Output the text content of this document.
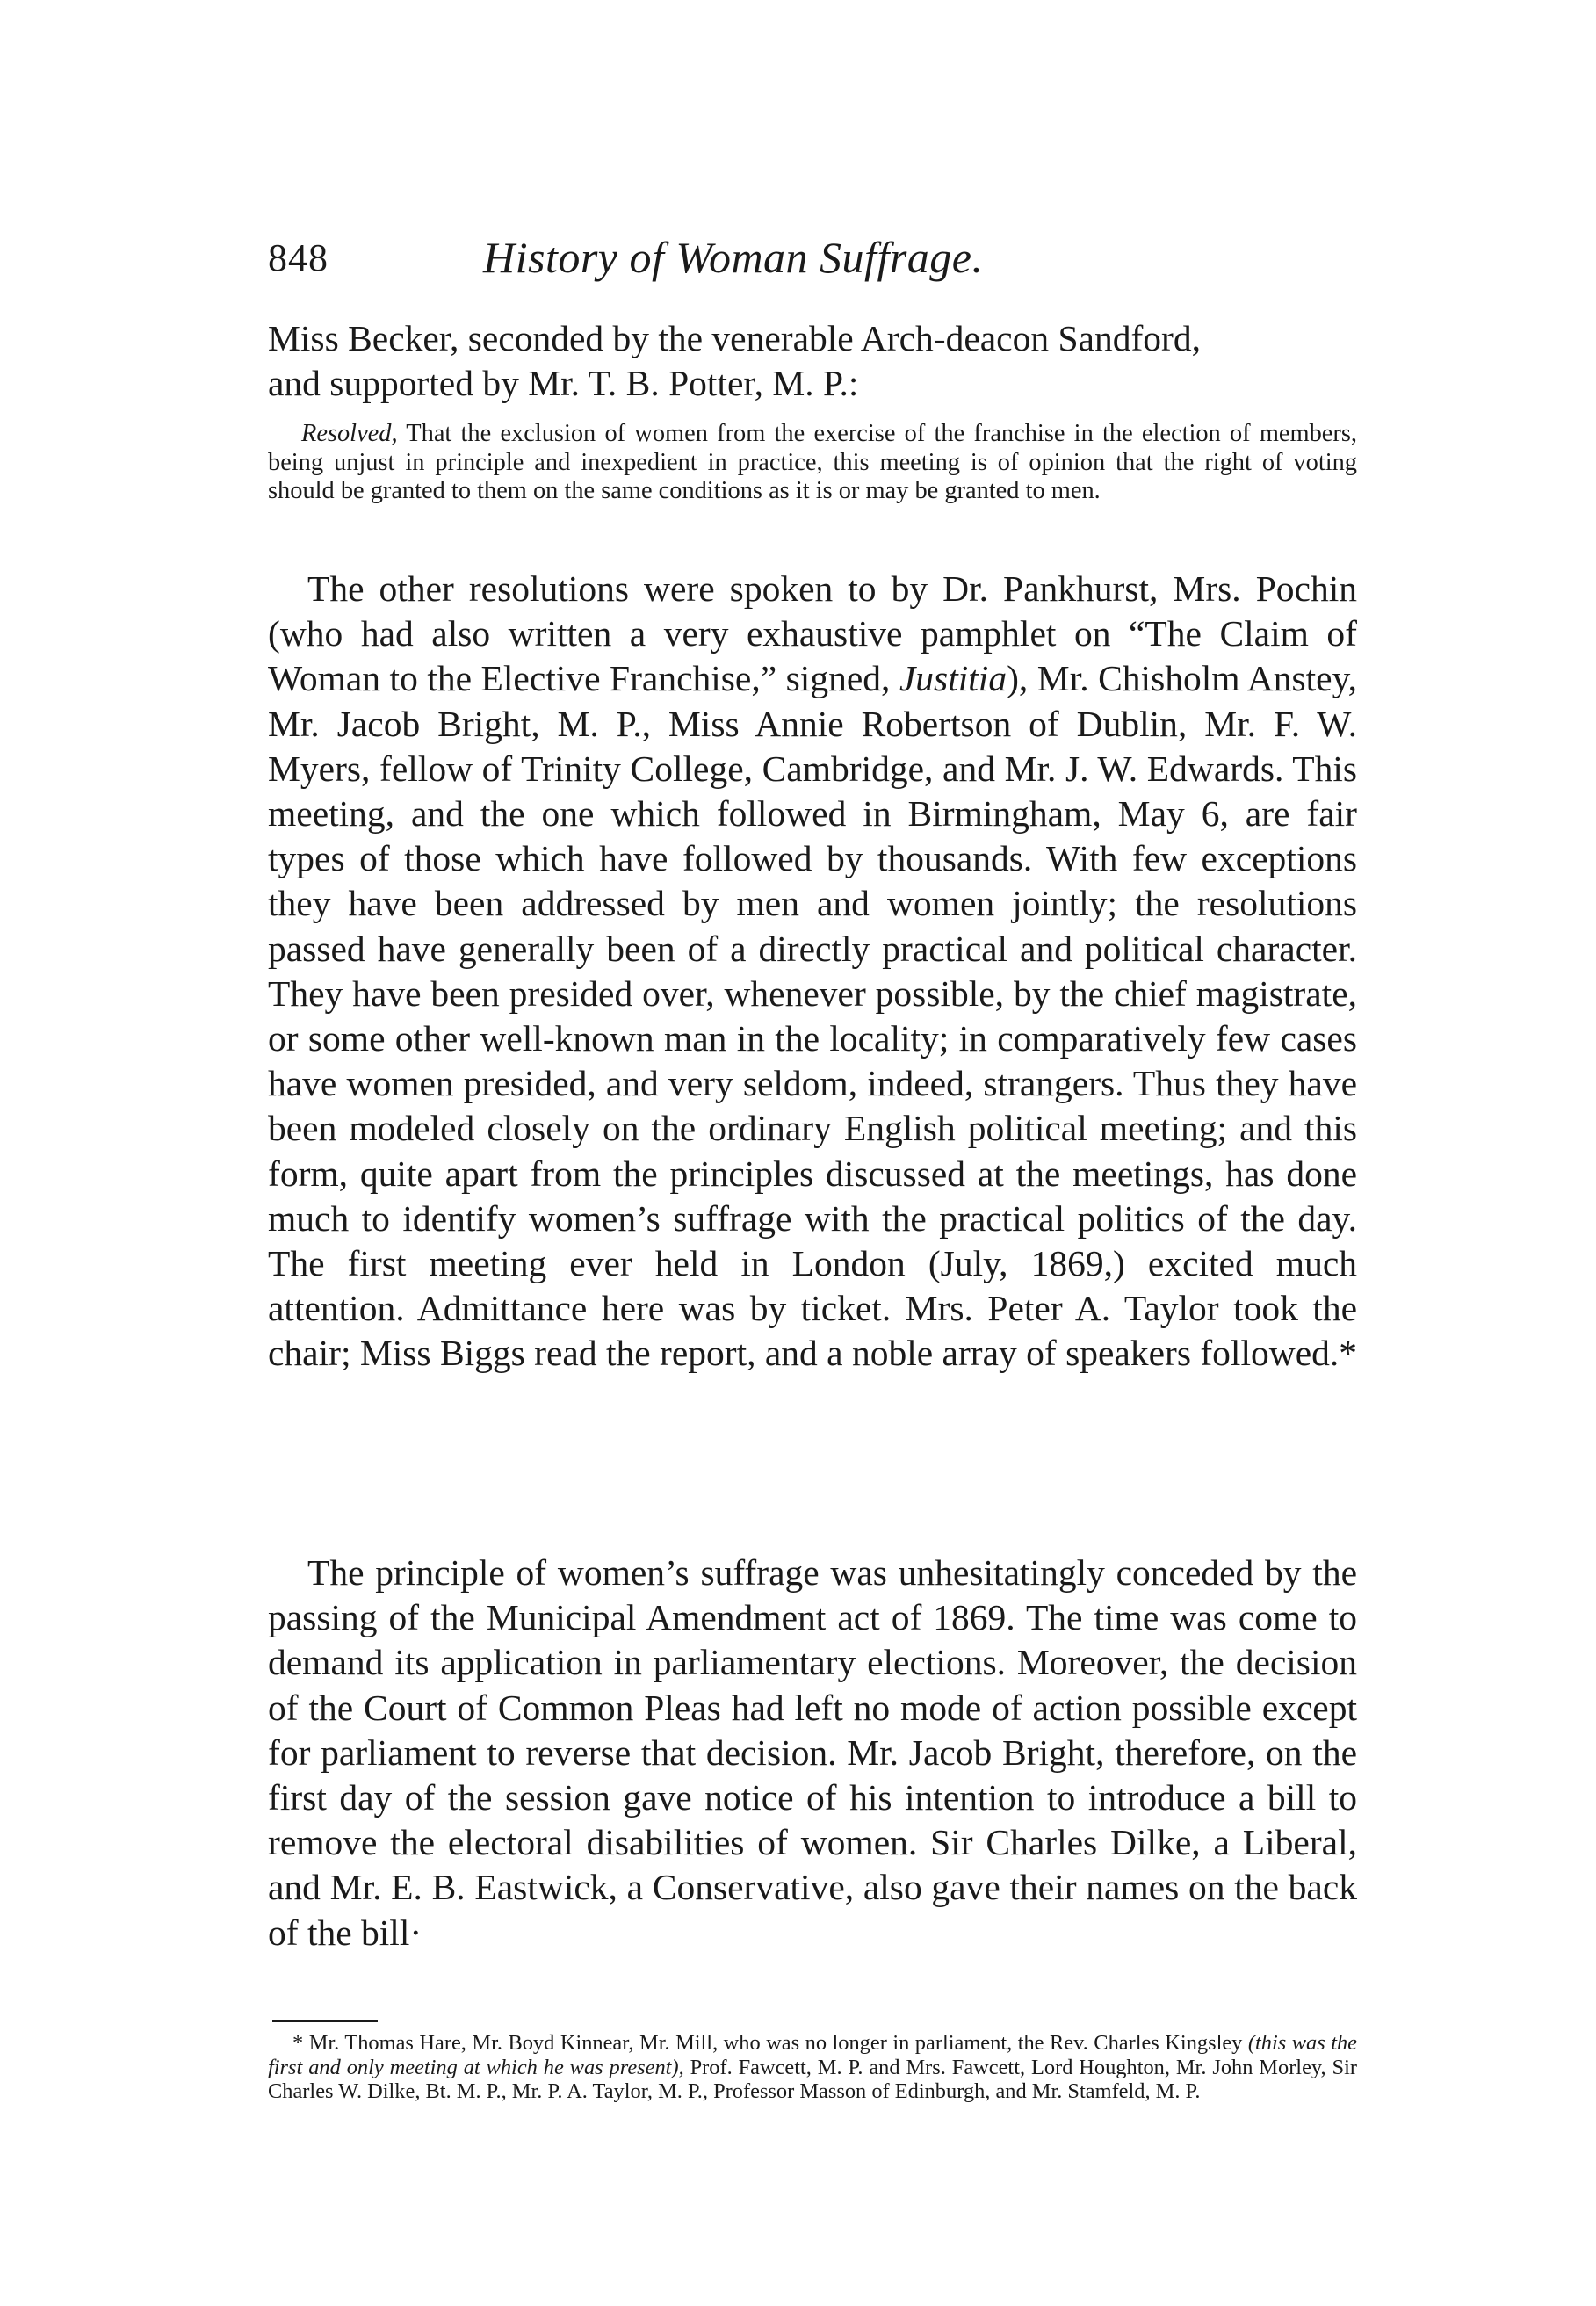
848	History of Woman Suffrage.
Miss Becker, seconded by the venerable Arch-deacon Sandford,
and supported by Mr. T. B. Potter, M. P.:
Resolved, That the exclusion of women from the exercise of the franchise in the election of members, being unjust in principle and inexpedient in practice, this meeting is of opinion that the right of voting should be granted to them on the same conditions as it is or may be granted to men.

The other resolutions were spoken to by Dr. Pankhurst, Mrs. Pochin (who had also written a very exhaustive pamphlet on “The Claim of Woman to the Elective Franchise,” signed, Justitia), Mr. Chisholm Anstey, Mr. Jacob Bright, M. P., Miss Annie Robertson of Dublin, Mr. F. W. Myers, fellow of Trinity College, Cambridge, and Mr. J. W. Edwards. This meeting, and the one which followed in Birmingham, May 6, are fair types of those which have followed by thousands. With few exceptions they have been addressed by men and women jointly; the resolutions passed have generally been of a directly practical and political character. They have been presided over, whenever possible, by the chief magistrate, or some other well-known man in the locality; in comparatively few cases have women presided, and very seldom, indeed, strangers. Thus they have been modeled closely on the ordinary English political meeting; and this form, quite apart from the principles discussed at the meetings, has done much to identify women’s suffrage with the practical politics of the day. The first meeting ever held in London (July, 1869,) excited much attention. Admittance here was by ticket. Mrs. Peter A. Taylor took the chair; Miss Biggs read the report, and a noble array of speakers followed.*

The principle of women’s suffrage was unhesitatingly conceded by the passing of the Municipal Amendment act of 1869. The time was come to demand its application in parliamentary elections. Moreover, the decision of the Court of Common Pleas had left no mode of action possible except for parliament to reverse that decision. Mr. Jacob Bright, therefore, on the first day of the session gave notice of his intention to introduce a bill to remove the electoral disabilities of women. Sir Charles Dilke, a Liberal, and Mr. E. B. Eastwick, a Conservative, also gave their names on the back of the bill·

* Mr. Thomas Hare, Mr. Boyd Kinnear, Mr. Mill, who was no longer in parliament, the Rev. Charles Kingsley (this was the first and only meeting at which he was present), Prof. Fawcett, M. P. and Mrs. Fawcett, Lord Houghton, Mr. John Morley, Sir Charles W. Dilke, Bt. M. P., Mr. P. A. Taylor, M. P., Professor Masson of Edinburgh, and Mr. Stamfeld, M. P.
